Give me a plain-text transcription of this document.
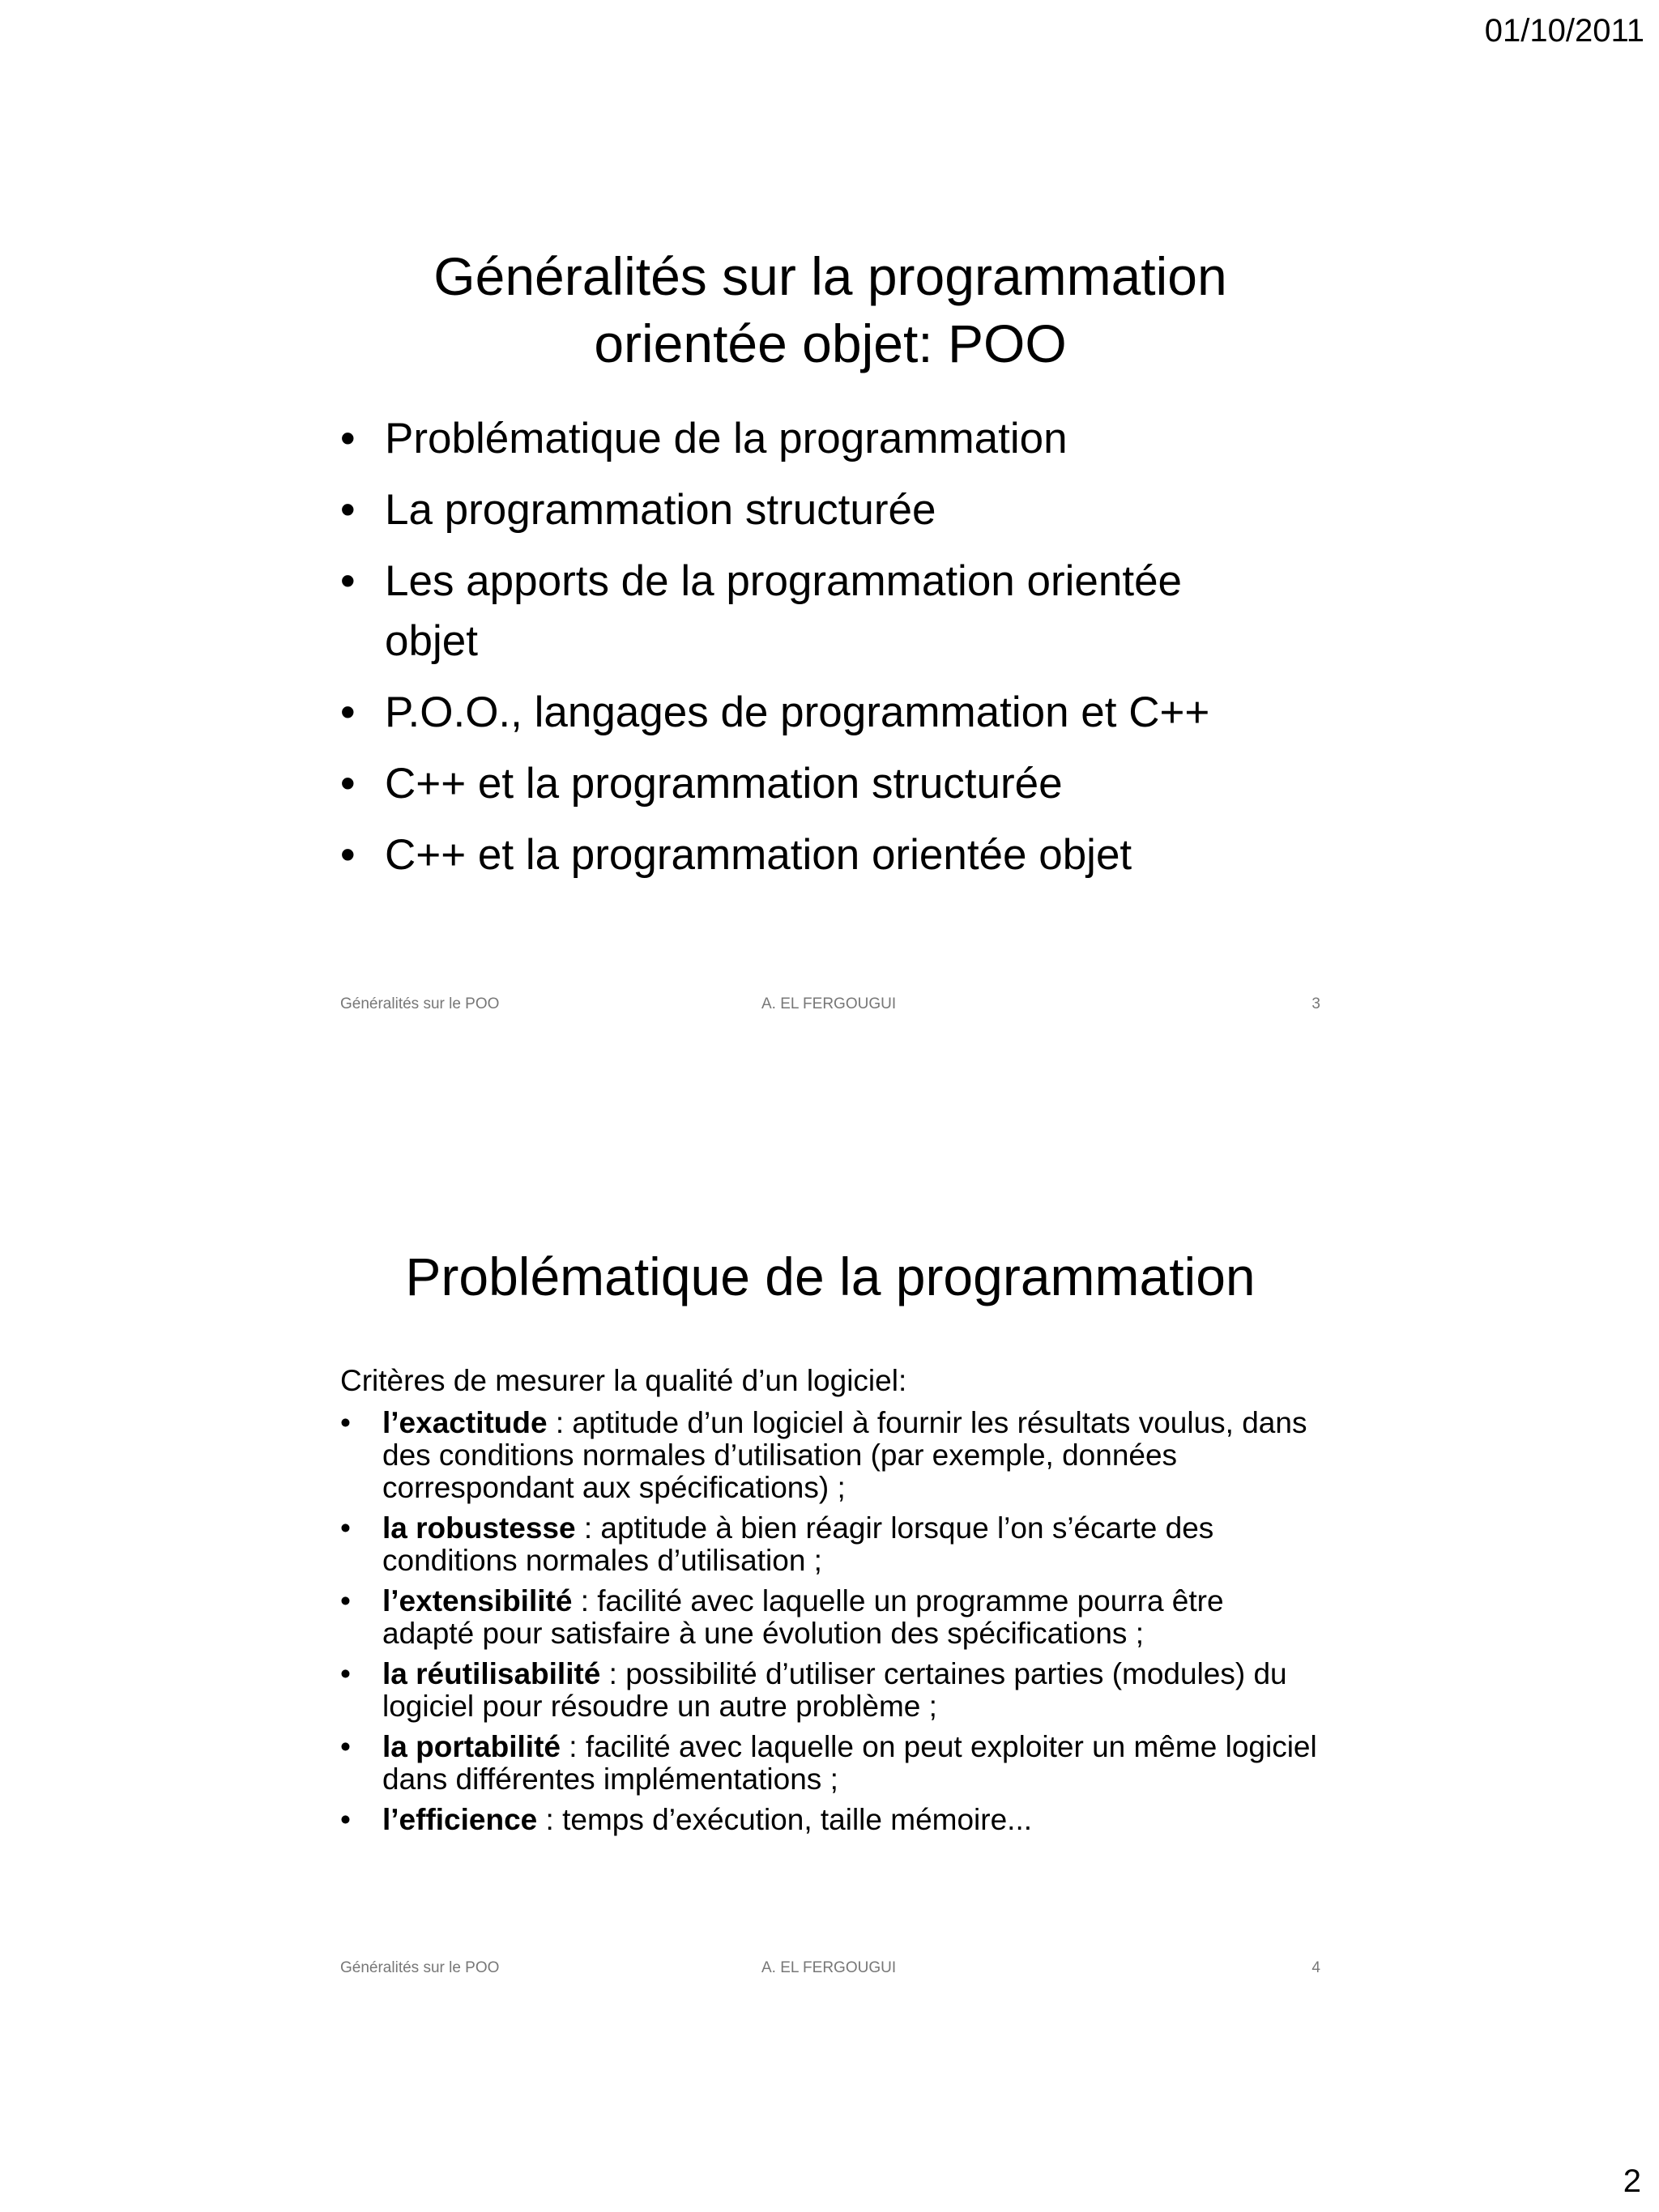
01/10/2011
Généralités sur la programmation
orientée objet: POO
• Problématique de la programmation
• La programmation structurée
• Les apports de la programmation orientée objet
• P.O.O., langages de programmation et C++
• C++ et la programmation structurée
• C++ et la programmation orientée objet
Généralités sur le POO	A. EL FERGOUGUI	3
Problématique de la programmation
Critères de mesurer la qualité d’un logiciel:
• l’exactitude : aptitude d’un logiciel à fournir les résultats voulus, dans des conditions normales d’utilisation (par exemple, données correspondant aux spécifications) ;
• la robustesse : aptitude à bien réagir lorsque l’on s’écarte des conditions normales d’utilisation ;
• l’extensibilité : facilité avec laquelle un programme pourra être adapté pour satisfaire à une évolution des spécifications ;
• la réutilisabilité : possibilité d’utiliser certaines parties (modules) du logiciel pour résoudre un autre problème ;
• la portabilité : facilité avec laquelle on peut exploiter un même logiciel dans différentes implémentations ;
• l’efficience : temps d’exécution, taille mémoire...
Généralités sur le POO	A. EL FERGOUGUI	4
2
